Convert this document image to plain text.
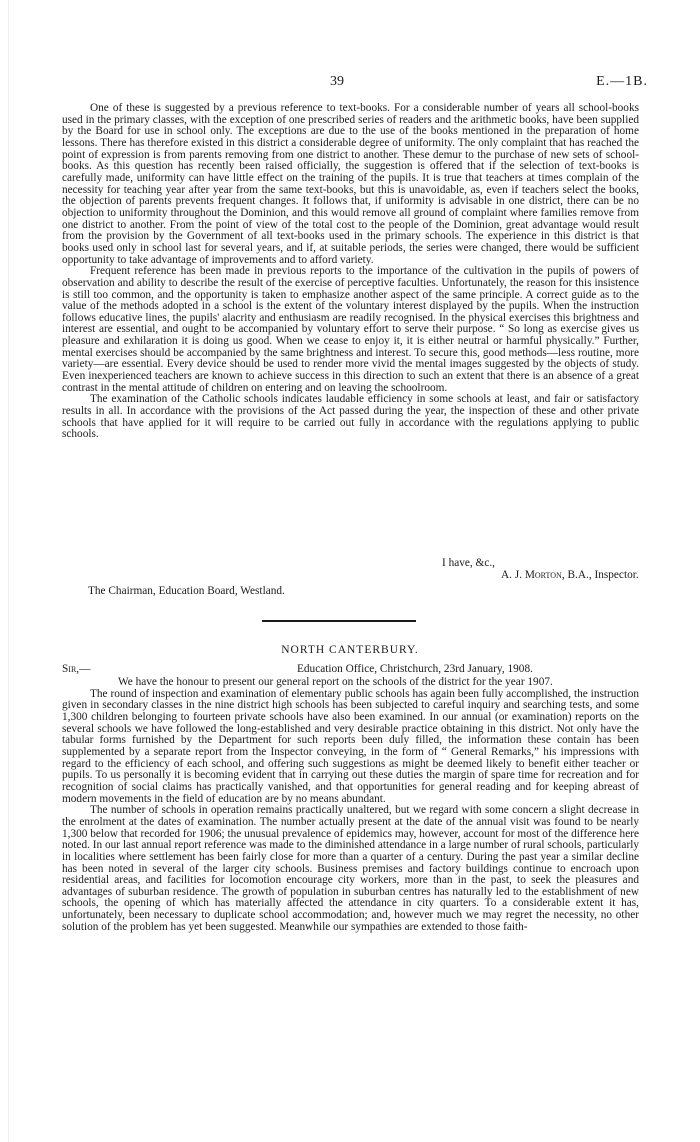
39	E.—1B.

One of these is suggested by a previous reference to text-books. For a considerable number of years all school-books used in the primary classes, with the exception of one prescribed series of readers and the arithmetic books, have been supplied by the Board for use in school only. The exceptions are due to the use of the books mentioned in the preparation of home lessons. There has therefore existed in this district a considerable degree of uniformity. The only complaint that has reached the point of expression is from parents removing from one district to another. These demur to the purchase of new sets of school-books. As this question has recently been raised officially, the suggestion is offered that if the selection of text-books is carefully made, uniformity can have little effect on the training of the pupils. It is true that teachers at times complain of the necessity for teaching year after year from the same text-books, but this is unavoidable, as, even if teachers select the books, the objection of parents prevents frequent changes. It follows that, if uniformity is advisable in one district, there can be no objection to uniformity throughout the Dominion, and this would remove all ground of complaint where families remove from one district to another. From the point of view of the total cost to the people of the Dominion, great advantage would result from the provision by the Government of all text-books used in the primary schools. The experience in this district is that books used only in school last for several years, and if, at suitable periods, the series were changed, there would be sufficient opportunity to take advantage of improvements and to afford variety.

Frequent reference has been made in previous reports to the importance of the cultivation in the pupils of powers of observation and ability to describe the result of the exercise of perceptive faculties. Unfortunately, the reason for this insistence is still too common, and the opportunity is taken to emphasize another aspect of the same principle. A correct guide as to the value of the methods adopted in a school is the extent of the voluntary interest displayed by the pupils. When the instruction follows educative lines, the pupils' alacrity and enthusiasm are readily recognised. In the physical exercises this brightness and interest are essential, and ought to be accompanied by voluntary effort to serve their purpose. “ So long as exercise gives us pleasure and exhilaration it is doing us good. When we cease to enjoy it, it is either neutral or harmful physically.” Further, mental exercises should be accompanied by the same brightness and interest. To secure this, good methods—less routine, more variety—are essential. Every device should be used to render more vivid the mental images suggested by the objects of study. Even inexperienced teachers are known to achieve success in this direction to such an extent that there is an absence of a great contrast in the mental attitude of children on entering and on leaving the schoolroom.

The examination of the Catholic schools indicates laudable efficiency in some schools at least, and fair or satisfactory results in all. In accordance with the provisions of the Act passed during the year, the inspection of these and other private schools that have applied for it will require to be carried out fully in accordance with the regulations applying to public schools.

I have, &c.,
A. J. Morton, B.A., Inspector.
The Chairman, Education Board, Westland.
NORTH CANTERBURY.
Sir,—	Education Office, Christchurch, 23rd January, 1908.

We have the honour to present our general report on the schools of the district for the year 1907.

The round of inspection and examination of elementary public schools has again been fully accomplished, the instruction given in secondary classes in the nine district high schools has been subjected to careful inquiry and searching tests, and some 1,300 children belonging to fourteen private schools have also been examined. In our annual (or examination) reports on the several schools we have followed the long-established and very desirable practice obtaining in this district. Not only have the tabular forms furnished by the Department for such reports been duly filled, the information these contain has been supplemented by a separate report from the Inspector conveying, in the form of “ General Remarks,” his impressions with regard to the efficiency of each school, and offering such suggestions as might be deemed likely to benefit either teacher or pupils. To us personally it is becoming evident that in carrying out these duties the margin of spare time for recreation and for recognition of social claims has practically vanished, and that opportunities for general reading and for keeping abreast of modern movements in the field of education are by no means abundant.

The number of schools in operation remains practically unaltered, but we regard with some concern a slight decrease in the enrolment at the dates of examination. The number actually present at the date of the annual visit was found to be nearly 1,300 below that recorded for 1906; the unusual prevalence of epidemics may, however, account for most of the difference here noted. In our last annual report reference was made to the diminished attendance in a large number of rural schools, particularly in localities where settlement has been fairly close for more than a quarter of a century. During the past year a similar decline has been noted in several of the larger city schools. Business premises and factory buildings continue to encroach upon residential areas, and facilities for locomotion encourage city workers, more than in the past, to seek the pleasures and advantages of suburban residence. The growth of population in suburban centres has naturally led to the establishment of new schools, the opening of which has materially affected the attendance in city quarters. To a considerable extent it has, unfortunately, been necessary to duplicate school accommodation; and, however much we may regret the necessity, no other solution of the problem has yet been suggested. Meanwhile our sympathies are extended to those faith-
